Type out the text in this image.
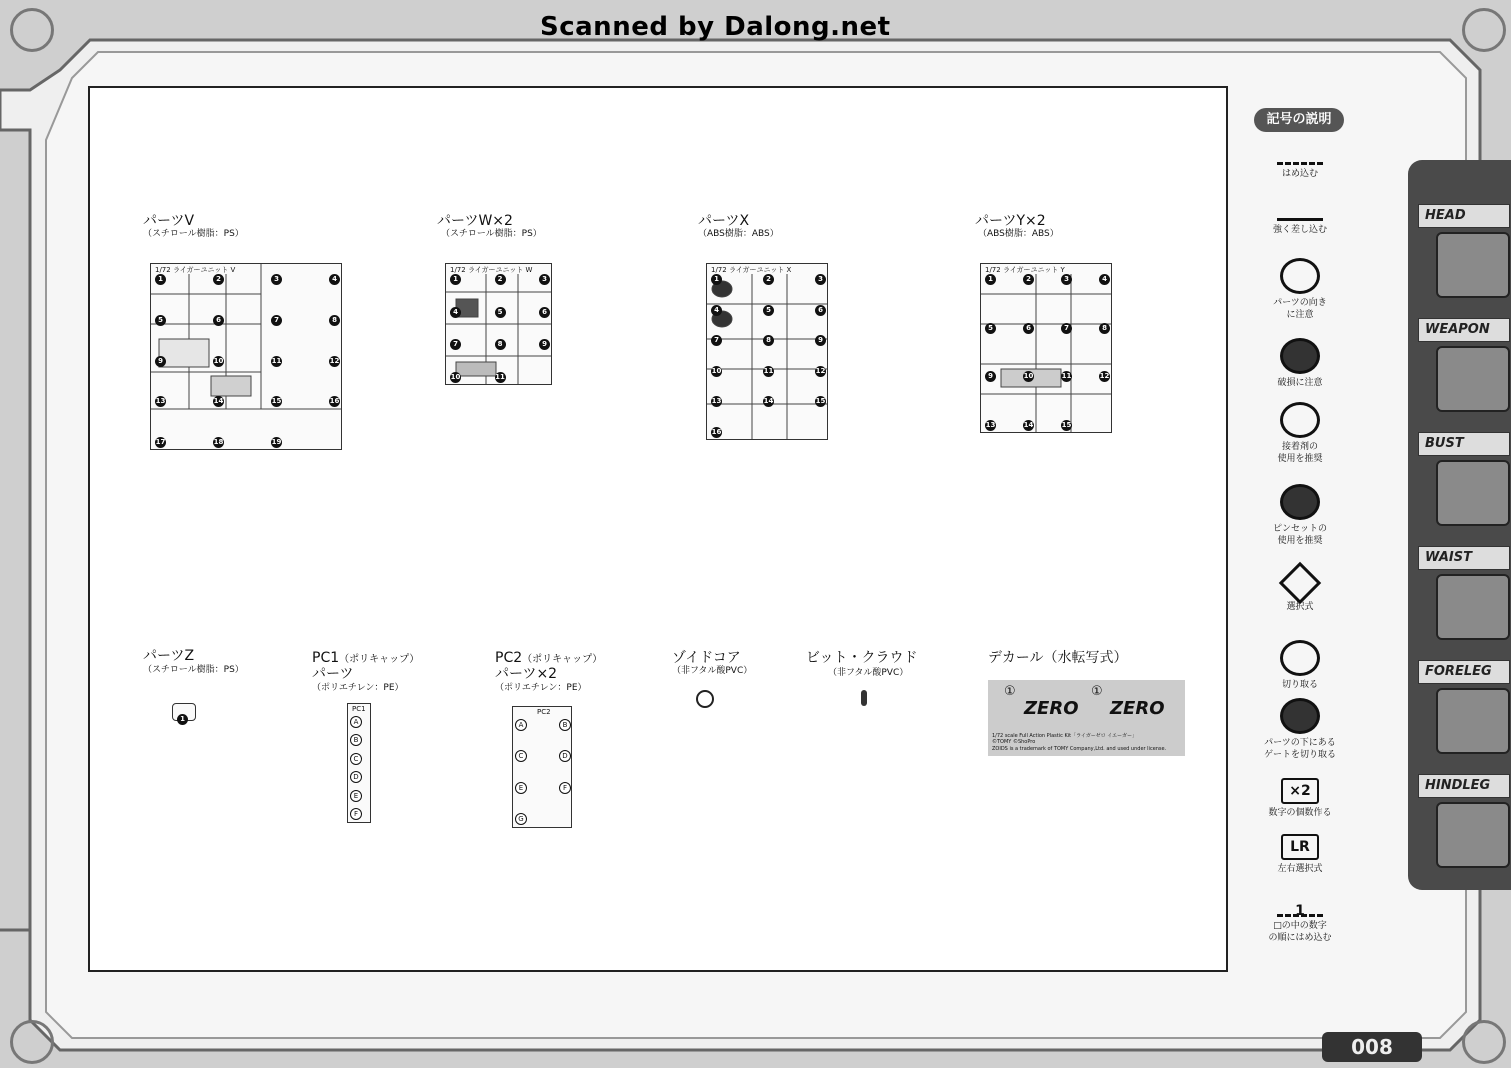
Scanned by Dalong.net
パーツV
（スチロール樹脂：PS）
1/72 ライガーユニット V
1	2	3	4
5	6	7	8
9	10	11	12
13	14	15	16
17	18	19
パーツW×2
（スチロール樹脂：PS）
1/72 ライガーユニット W
1	2	3
4	5	6
7	8	9
10	11
パーツX
（ABS樹脂：ABS）
1/72 ライガーユニット X
1	2	3
4	5	6
7	8	9
10	11	12
13	14	15
16
パーツY×2
（ABS樹脂：ABS）
1/72 ライガーユニット Y
1	2	3	4
5	6	7	8
9	10	11	12
13	14	15
パーツZ
（スチロール樹脂：PS）
1
PC1（ポリキャップ）
パーツ
（ポリエチレン：PE）
PC1
A
B
C
D
E
F
PC2（ポリキャップ）
パーツ×2
（ポリエチレン：PE）
PC2
A	B
C	D
E	F
G
ゾイドコア
（非フタル酸PVC）
ビット・クラウド
（非フタル酸PVC）
デカール（水転写式）
①
ZERO
①
ZERO
1/72 scale Full Action Plastic Kit「ライガーゼロ イエーガー」
©TOMY ©ShoPro
ZOIDS is a trademark of TOMY Company,Ltd. and used under license.
記号の説明
はめ込む
強く差し込む
パーツの向き
に注意
破損に注意
接着剤の
使用を推奨
ピンセットの
使用を推奨
選択式
切り取る
パーツの下にある
ゲートを切り取る
×2
数字の個数作る
LR
左右選択式
1
□の中の数字
の順にはめ込む
HEAD
WEAPON
BUST
WAIST
FORELEG
HINDLEG
008
